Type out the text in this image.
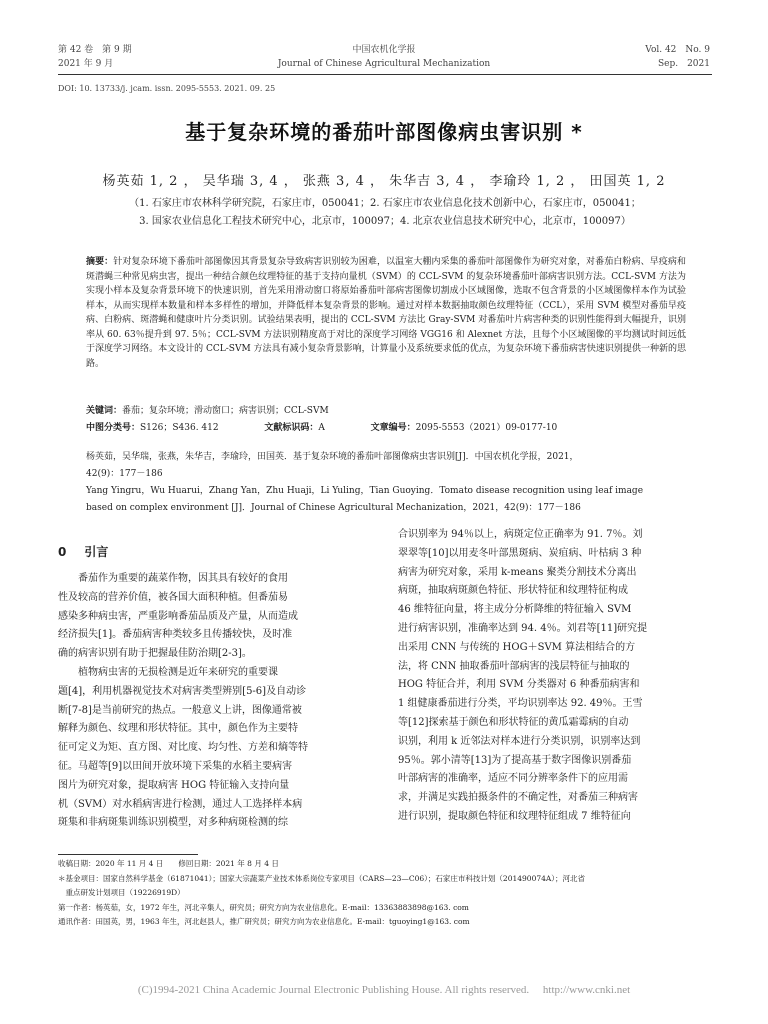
第 42 卷　第 9 期
2021 年 9 月
中国农机化学报
Journal of Chinese Agricultural Mechanization
Vol. 42　No. 9
Sep.　2021
DOI: 10. 13733/j. jcam. issn. 2095-5553. 2021. 09. 25
基于复杂环境的番茄叶部图像病虫害识别 *
杨英茹 1, 2 ， 吴华瑞 3, 4 ， 张燕 3, 4 ， 朱华吉 3, 4 ， 李瑜玲 1, 2 ， 田国英 1, 2
（1. 石家庄市农林科学研究院，石家庄市，050041；2. 石家庄市农业信息化技术创新中心，石家庄市，050041；
3. 国家农业信息化工程技术研究中心，北京市，100097；4. 北京农业信息技术研究中心，北京市，100097）
摘要：针对复杂环境下番茄叶部图像因其背景复杂导致病害识别较为困难，以温室大棚内采集的番茄叶部图像作为研究对象，对番茄白粉病、早疫病和斑潜蝇三种常见病虫害，提出一种结合颜色纹理特征的基于支持向量机（SVM）的 CCL-SVM 的复杂环境番茄叶部病害识别方法。CCL-SVM 方法为实现小样本及复杂背景环境下的快速识别，首先采用滑动窗口将原始番茄叶部病害图像切割成小区域图像，选取不包含背景的小区域图像样本作为试验样本，从而实现样本数量和样本多样性的增加，并降低样本复杂背景的影响。通过对样本数据抽取颜色纹理特征（CCL），采用 SVM 模型对番茄早疫病、白粉病、斑潜蝇和健康叶片分类识别。试验结果表明，提出的 CCL-SVM 方法比 Gray-SVM 对番茄叶片病害种类的识别性能得到大幅提升，识别率从 60. 63％提升到 97. 5％；CCL-SVM 方法识别精度高于对比的深度学习网络 VGG16 和 Alexnet 方法，且每个小区域图像的平均测试时间远低于深度学习网络。本文设计的 CCL-SVM 方法具有减小复杂背景影响，计算量小及系统要求低的优点，为复杂环境下番茄病害快速识别提供一种新的思路。
关键词：番茄；复杂环境；滑动窗口；病害识别；CCL-SVM
中图分类号：S126；S436. 412	文献标识码：A	文章编号：2095-5553（2021）09-0177-10
杨英茹，吴华瑞，张燕，朱华吉，李瑜玲，田国英．基于复杂环境的番茄叶部图像病虫害识别[J]．中国农机化学报，2021，
42(9)：177－186
Yang Yingru，Wu Huarui，Zhang Yan，Zhu Huaji，Li Yuling，Tian Guoying．Tomato disease recognition using leaf image
based on complex environment [J]．Journal of Chinese Agricultural Mechanization，2021，42(9)：177－186
0 引言
　　番茄作为重要的蔬菜作物，因其具有较好的食用
性及较高的营养价值，被各国大面积种植。但番茄易
感染多种病虫害，严重影响番茄品质及产量，从而造成
经济损失[1]。番茄病害种类较多且传播较快，及时准
确的病害识别有助于把握最佳防治期[2-3]。
　　植物病虫害的无损检测是近年来研究的重要课
题[4]，利用机器视觉技术对病害类型辨别[5-6]及自动诊
断[7-8]是当前研究的热点。一般意义上讲，图像通常被
解释为颜色、纹理和形状特征。其中，颜色作为主要特
征可定义为矩、直方图、对比度、均匀性、方差和熵等特
征。马超等[9]以田间开放环境下采集的水稻主要病害
图片为研究对象，提取病害 HOG 特征输入支持向量
机（SVM）对水稻病害进行检测，通过人工选择样本病
斑集和非病斑集训练识别模型，对多种病斑检测的综
合识别率为 94％以上，病斑定位正确率为 91. 7％。刘
翠翠等[10]以用麦冬叶部黑斑病、炭疽病、叶枯病 3 种
病害为研究对象，采用 k-means 聚类分割技术分离出
病斑，抽取病斑颜色特征、形状特征和纹理特征构成
46 维特征向量，将主成分分析降维的特征输入 SVM
进行病害识别，准确率达到 94. 4％。刘君等[11]研究提
出采用 CNN 与传统的 HOG＋SVM 算法相结合的方
法，将 CNN 抽取番茄叶部病害的浅层特征与抽取的
HOG 特征合并，利用 SVM 分类器对 6 种番茄病害和
1 组健康番茄进行分类，平均识别率达 92. 49％。王雪
等[12]探索基于颜色和形状特征的黄瓜霜霉病的自动
识别，利用 k 近邻法对样本进行分类识别，识别率达到
95％。郭小清等[13]为了提高基于数字图像识别番茄
叶部病害的准确率，适应不同分辨率条件下的应用需
求，并满足实践拍摄条件的不确定性，对番茄三种病害
进行识别，提取颜色特征和纹理特征组成 7 维特征向
收稿日期：2020 年 11 月 4 日　　修回日期：2021 年 8 月 4 日
＊基金项目：国家自然科学基金（61871041）；国家大宗蔬菜产业技术体系岗位专家项目（CARS—23—C06）；石家庄市科技计划（201490074A）；河北省
　重点研发计划项目（19226919D）
第一作者：杨英茹，女，1972 年生，河北辛集人，研究员；研究方向为农业信息化。E-mail：13363883898@163. com
通讯作者：田国英，男，1963 年生，河北赵县人，推广研究员；研究方向为农业信息化。E-mail：tguoying1@163. com
(C)1994-2021 China Academic Journal Electronic Publishing House. All rights reserved.　 http://www.cnki.net
